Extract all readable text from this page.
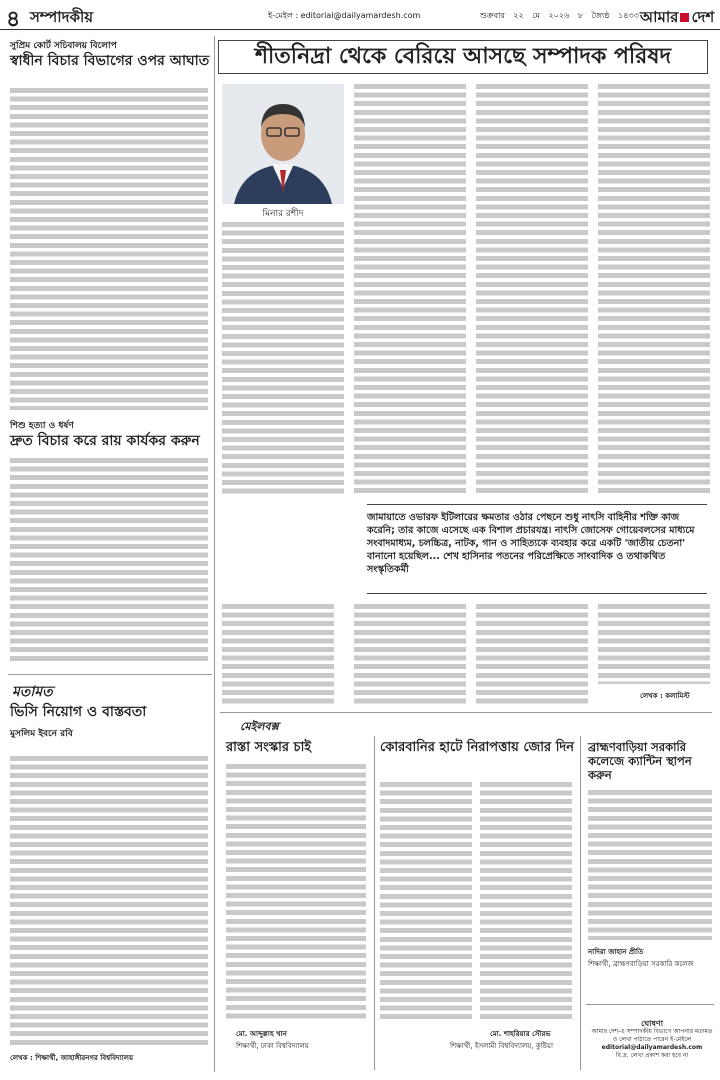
৪ সম্পাদকীয়	ই-মেইল : editorial@dailyamardesh.com	শুক্রবার ২২ মে ২০২৬ ৮ জ্যৈষ্ঠ ১৪৩৩ আমার দেশ
সুপ্রিম কোর্ট সচিবালয় বিলোপ
স্বাধীন বিচার বিভাগের ওপর আঘাত
শিশু হত্যা ও ধর্ষণ
দ্রুত বিচার করে রায় কার্যকর করুন
মতামত
ভিসি নিয়োগ ও বাস্তবতা
মুসলিম ইবনে রবি
লেখক : শিক্ষার্থী, জাহাঙ্গীরনগর বিশ্ববিদ্যালয়
শীতনিদ্রা থেকে বেরিয়ে আসছে সম্পাদক পরিষদ
মিনার রশীদ
জামায়াতে ওভারফ ইটিলারের ক্ষমতার ওঠার পেছনে শুধু নাৎসি বাহিনীর শক্তি কাজ করেনি; তার কাজে এসেছে এক বিশাল প্রচারযন্ত্র। নাৎসি জোসেফ গোয়েবলসের মাধ্যমে সংবাদমাধ্যম, চলচ্চিত্র, নাটক, গান ও সাহিত্যকে ব্যবহার করে একটি 'জাতীয় চেতনা' বানানো হয়েছিল... শেখ হাসিনার পতনের পরিপ্রেক্ষিতে সাংবাদিক ও তথাকথিত সংস্কৃতিকর্মী
লেখক : কলামিস্ট
মেইলবক্স
রাস্তা সংস্কার চাই
মো. আব্দুল্লাহ খান
শিক্ষার্থী, ঢাকা বিশ্ববিদ্যালয়
কোরবানির হাটে নিরাপত্তায় জোর দিন
মো. শাহরিয়ার সৌরভ
শিক্ষার্থী, ইসলামী বিশ্ববিদ্যালয়, কুষ্টিয়া
ব্রাহ্মণবাড়িয়া সরকারি কলেজে ক্যান্টিন স্থাপন করুন
নাদিরা জাহান প্রীতি
শিক্ষার্থী, ব্রাহ্মণবাড়িয়া সরকারি কলেজ
ঘোষণা
আমার দেশ-এ সম্পাদকীয় বিভাগে আপনার মতামত ও লেখা পাঠাতে পারেন ই-মেইলে
editorial@dailyamardesh.com
বি.দ্র. লেখা প্রকাশ করা হবে না
